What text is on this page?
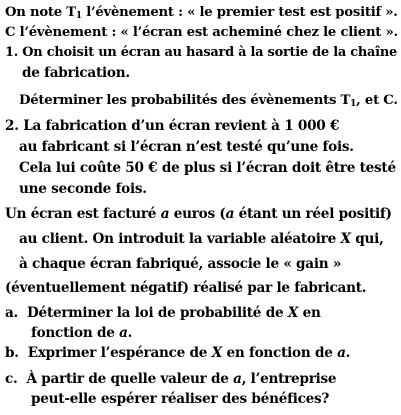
On note $T_1$ l’évènement : « le premier test est positif ».
C l’évènement : « l’écran est acheminé chez le client ».
1. On choisit un écran au hasard à la sortie de la chaîne
de fabrication.
Déterminer les probabilités des évènements $T_1$, et C.
2. La fabrication d’un écran revient à 1 000 €
au fabricant si l’écran n’est testé qu’une fois.
Cela lui coûte 50 € de plus si l’écran doit être testé
une seconde fois.
Un écran est facturé a euros (a étant un réel positif)
au client. On introduit la variable aléatoire X qui,
à chaque écran fabriqué, associe le « gain »
(éventuellement négatif) réalisé par le fabricant.
a. Déterminer la loi de probabilité de X en
fonction de a.
b. Exprimer l’espérance de X en fonction de a.
c. À partir de quelle valeur de a, l’entreprise
peut-elle espérer réaliser des bénéfices?
